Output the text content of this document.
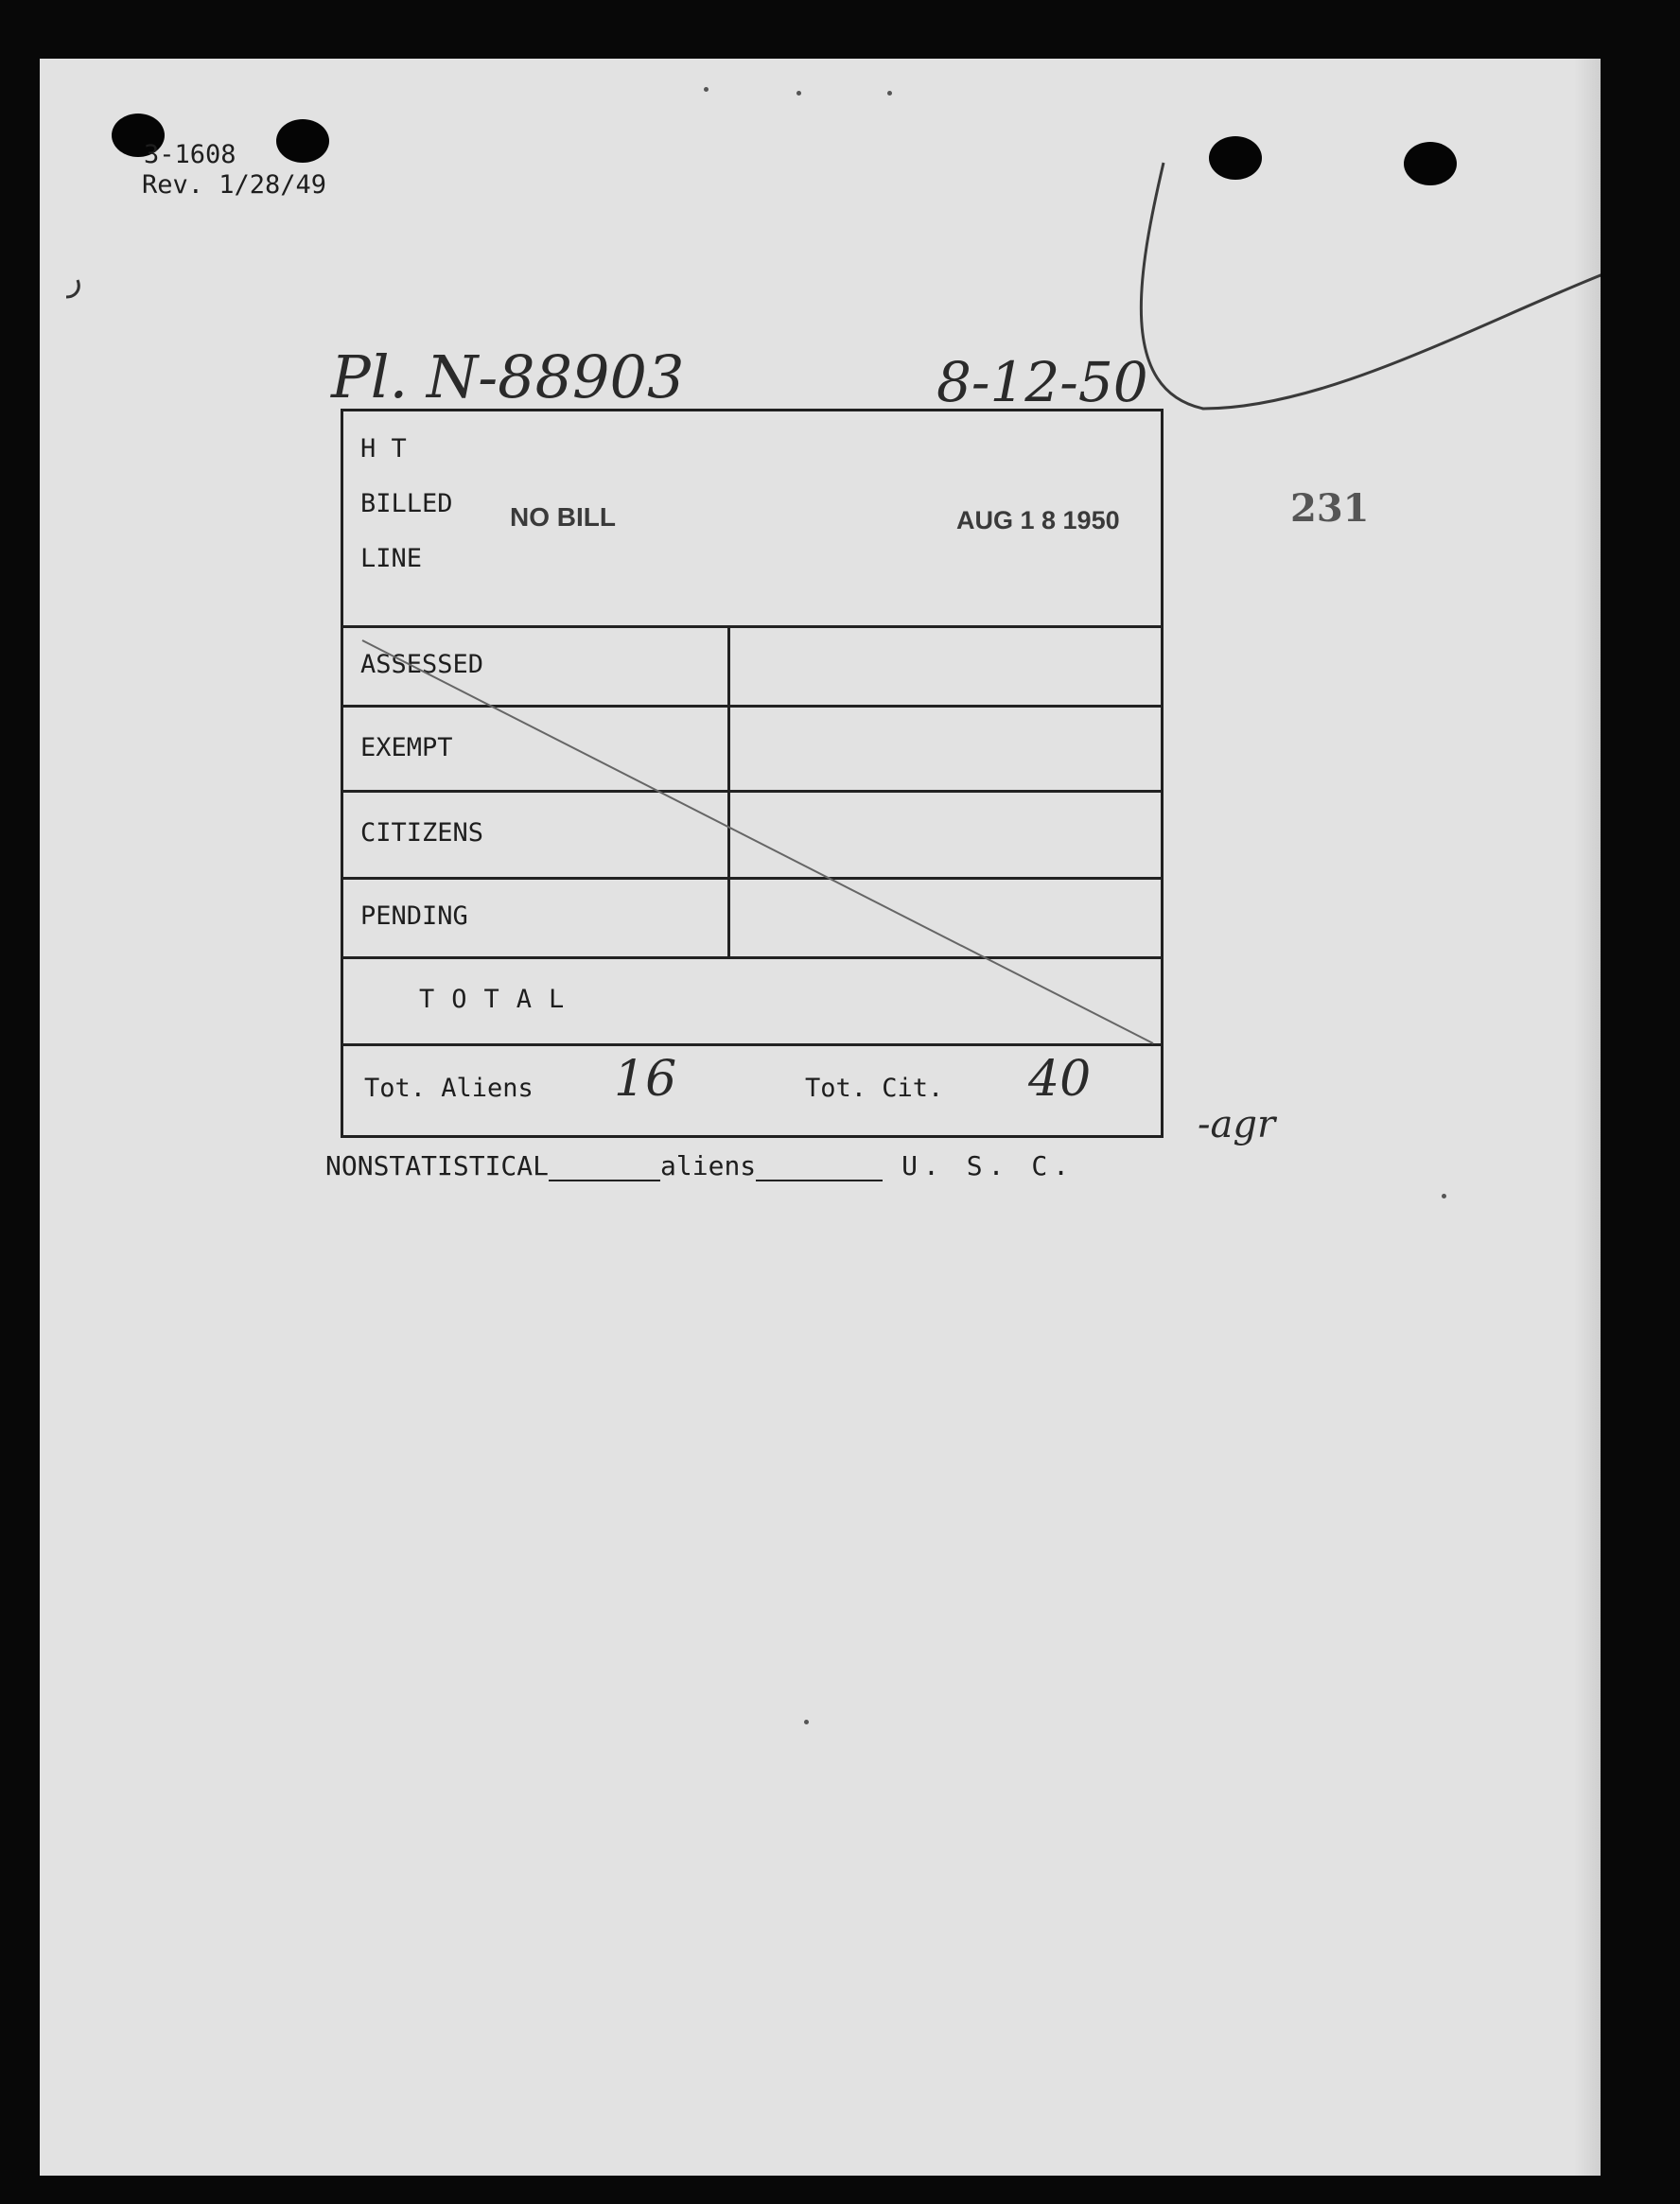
3-1608
Rev. 1/28/49
Pl. N-88903	8-12-50
231
H T
BILLED
LINE
NO BILL	AUG 1 8 1950
ASSESSED
EXEMPT
CITIZENS
PENDING
TOTAL
Tot. Aliens 16	Tot. Cit. 40
-agr
NONSTATISTICAL	aliens	U. S. C.
